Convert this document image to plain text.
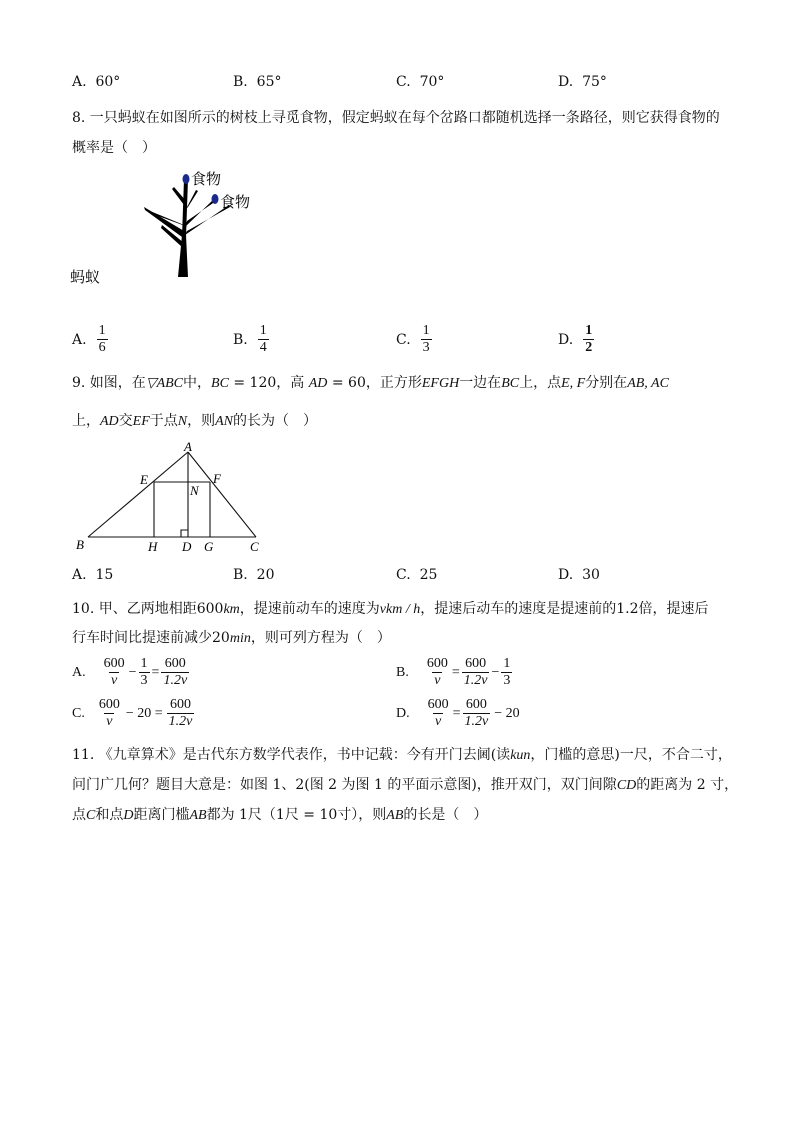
A. 60°	B. 65°	C. 70°	D. 75°
8. 一只蚂蚁在如图所示的树枝上寻觅食物，假定蚂蚁在每个岔路口都随机选择一条路径，则它获得食物的
概率是（　）
食物
食物
蚂蚁
A. $\frac{1}{6}$	B. $\frac{1}{4}$	C. $\frac{1}{3}$	D. $\frac{1}{2}$
9. 如图，在▽ABC中，BC = 120，高 AD = 60，正方形EFGH一边在BC上，点E, F分别在AB, AC
上，AD交EF于点N，则AN的长为（　）
A
B	C
D
E	F
G
H
N
A. 15	B. 20	C. 25	D. 30
10. 甲、乙两地相距600km，提速前动车的速度为vkm / h，提速后动车的速度是提速前的1.2倍，提速后
行车时间比提速前减少20min，则可列方程为（　）
A. $\frac{600}{v} - \frac{1}{3} = \frac{600}{1.2v}$	B. $\frac{600}{v} = \frac{600}{1.2v} - \frac{1}{3}$
C. $\frac{600}{v} - 20 = \frac{600}{1.2v}$	D. $\frac{600}{v} = \frac{600}{1.2v} - 20$
11. 《九章算术》是古代东方数学代表作，书中记载：今有开门去阃(读kun，门槛的意思)一尺，不合二寸，
问门广几何？题目大意是：如图 1、2(图 2 为图 1 的平面示意图)，推开双门，双门间隙CD的距离为 2 寸，
点C和点D距离门槛AB都为 1尺（1尺 = 10寸），则AB的长是（　）
